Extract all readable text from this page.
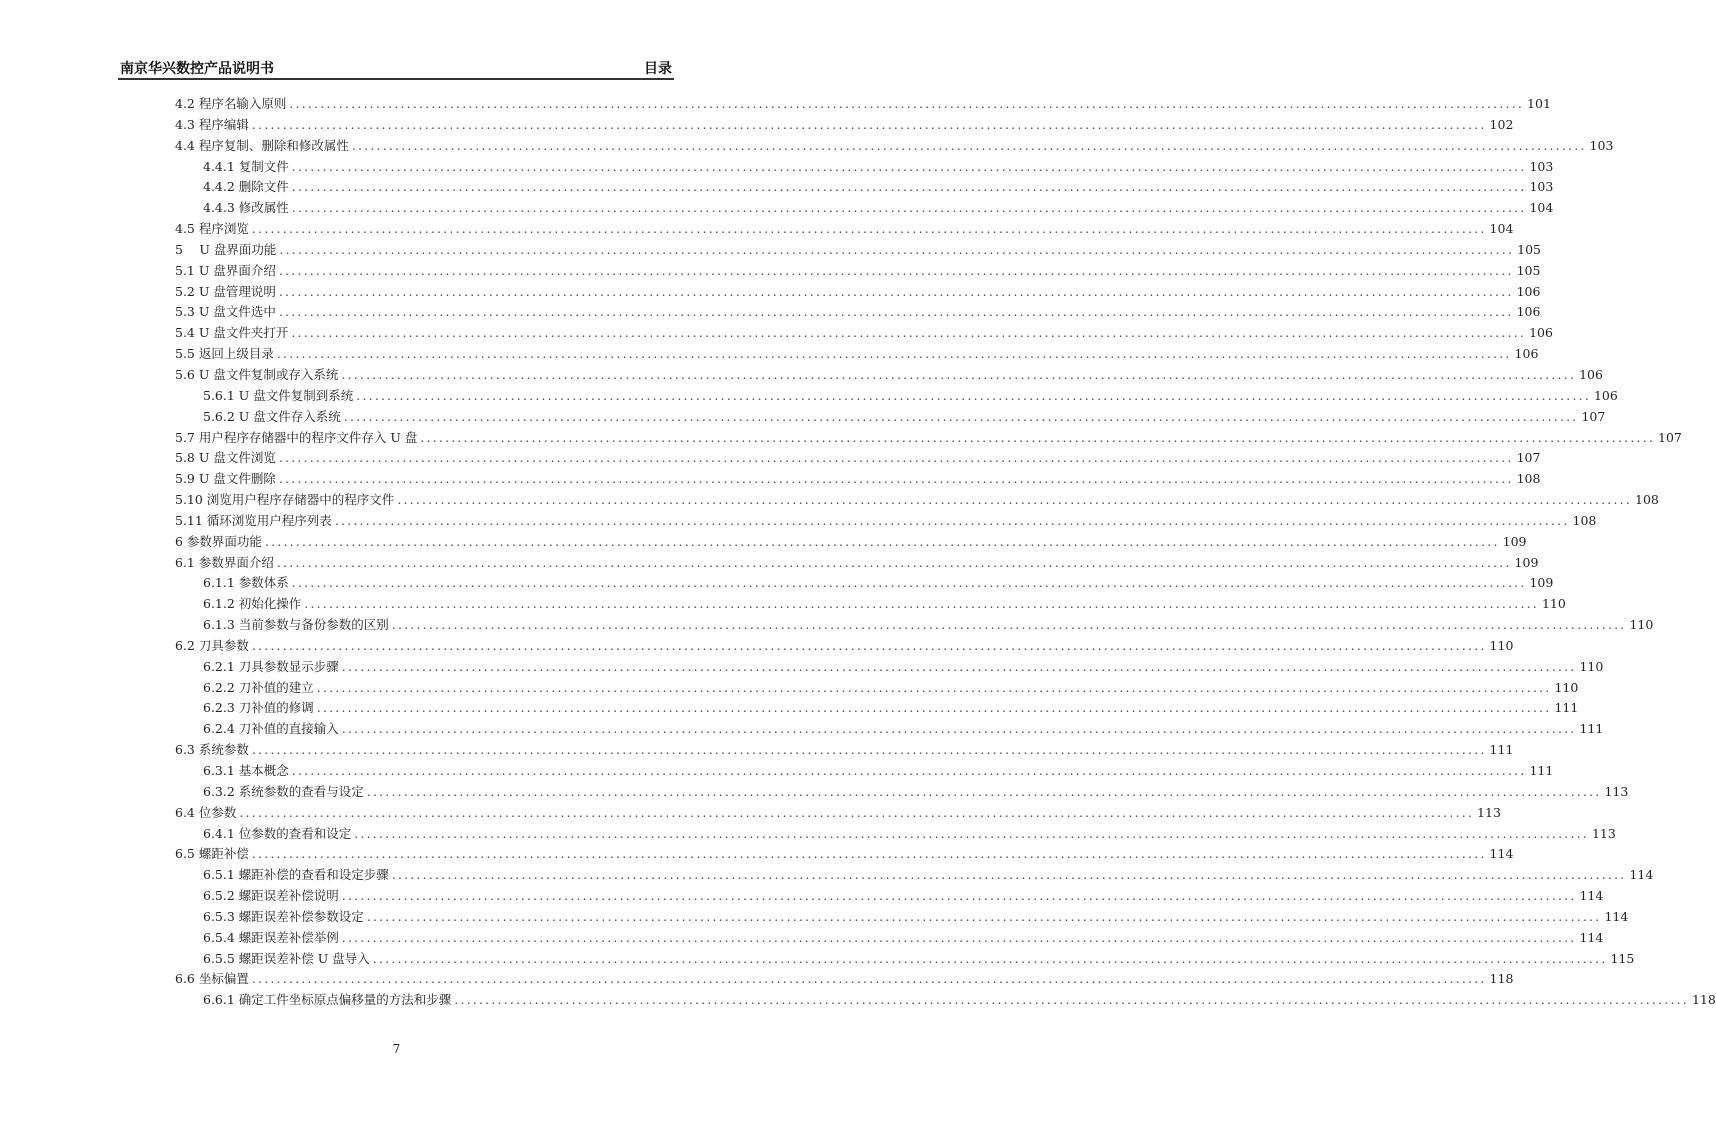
南京华兴数控产品说明书	目录
4.2 程序名输入原则 ........................................................................................................................................................................................................ 101
4.3 程序编辑 ........................................................................................................................................................................................................ 102
4.4 程序复制、删除和修改属性 ........................................................................................................................................................................................................ 103
4.4.1 复制文件 ........................................................................................................................................................................................................ 103
4.4.2 删除文件 ........................................................................................................................................................................................................ 103
4.4.3 修改属性 ........................................................................................................................................................................................................ 104
4.5 程序浏览 ........................................................................................................................................................................................................ 104
5　 U 盘界面功能 ........................................................................................................................................................................................................ 105
5.1 U 盘界面介绍 ........................................................................................................................................................................................................ 105
5.2 U 盘管理说明 ........................................................................................................................................................................................................ 106
5.3 U 盘文件选中 ........................................................................................................................................................................................................ 106
5.4 U 盘文件夹打开 ........................................................................................................................................................................................................ 106
5.5 返回上级目录 ........................................................................................................................................................................................................ 106
5.6 U 盘文件复制或存入系统 ........................................................................................................................................................................................................ 106
5.6.1 U 盘文件复制到系统 ........................................................................................................................................................................................................ 106
5.6.2 U 盘文件存入系统 ........................................................................................................................................................................................................ 107
5.7 用户程序存储器中的程序文件存入 U 盘 ........................................................................................................................................................................................................ 107
5.8 U 盘文件浏览 ........................................................................................................................................................................................................ 107
5.9 U 盘文件删除 ........................................................................................................................................................................................................ 108
5.10 浏览用户程序存储器中的程序文件 ........................................................................................................................................................................................................ 108
5.11 循环浏览用户程序列表 ........................................................................................................................................................................................................ 108
6 参数界面功能 ........................................................................................................................................................................................................ 109
6.1 参数界面介绍 ........................................................................................................................................................................................................ 109
6.1.1 参数体系 ........................................................................................................................................................................................................ 109
6.1.2 初始化操作 ........................................................................................................................................................................................................ 110
6.1.3 当前参数与备份参数的区别 ........................................................................................................................................................................................................ 110
6.2 刀具参数 ........................................................................................................................................................................................................ 110
6.2.1 刀具参数显示步骤 ........................................................................................................................................................................................................ 110
6.2.2 刀补值的建立 ........................................................................................................................................................................................................ 110
6.2.3 刀补值的修调 ........................................................................................................................................................................................................ 111
6.2.4 刀补值的直接输入 ........................................................................................................................................................................................................ 111
6.3 系统参数 ........................................................................................................................................................................................................ 111
6.3.1 基本概念 ........................................................................................................................................................................................................ 111
6.3.2 系统参数的查看与设定 ........................................................................................................................................................................................................ 113
6.4 位参数 ........................................................................................................................................................................................................ 113
6.4.1 位参数的查看和设定 ........................................................................................................................................................................................................ 113
6.5 螺距补偿 ........................................................................................................................................................................................................ 114
6.5.1 螺距补偿的查看和设定步骤 ........................................................................................................................................................................................................ 114
6.5.2 螺距误差补偿说明 ........................................................................................................................................................................................................ 114
6.5.3 螺距误差补偿参数设定 ........................................................................................................................................................................................................ 114
6.5.4 螺距误差补偿举例 ........................................................................................................................................................................................................ 114
6.5.5 螺距误差补偿 U 盘导入 ........................................................................................................................................................................................................ 115
6.6 坐标偏置 ........................................................................................................................................................................................................ 118
6.6.1 确定工件坐标原点偏移量的方法和步骤 ........................................................................................................................................................................................................ 118
7
